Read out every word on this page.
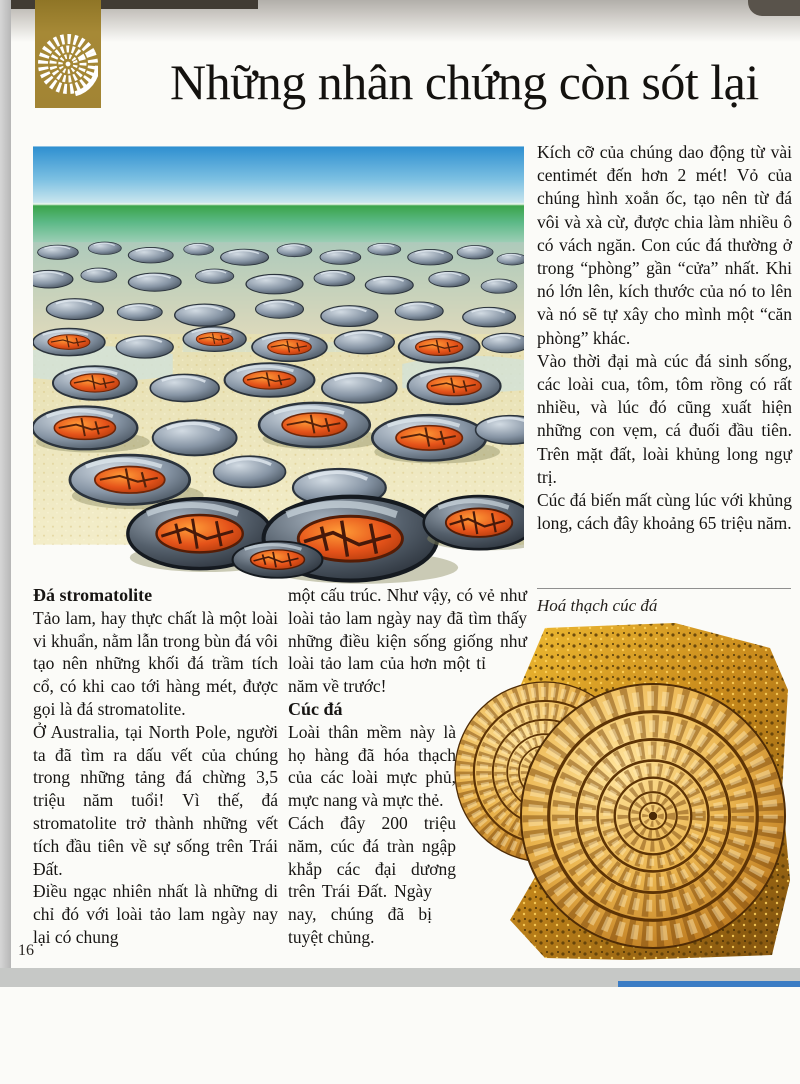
Những nhân chứng còn sót lại

Kích cỡ của chúng dao động từ vài centimét đến hơn 2 mét! Vỏ của chúng hình xoắn ốc, tạo nên từ đá vôi và xà cừ, được chia làm nhiều ô có vách ngăn. Con cúc đá thường ở trong “phòng” gần “cửa” nhất. Khi nó lớn lên, kích thước của nó to lên và nó sẽ tự xây cho mình một “căn phòng” khác.

Vào thời đại mà cúc đá sinh sống, các loài cua, tôm, tôm rồng có rất nhiều, và lúc đó cũng xuất hiện những con vẹm, cá đuối đầu tiên. Trên mặt đất, loài khủng long ngự trị.

Cúc đá biến mất cùng lúc với khủng long, cách đây khoảng 65 triệu năm.

Hoá thạch cúc đá
Đá stromatolite

Tảo lam, hay thực chất là một loài vi khuẩn, nằm lẫn trong bùn đá vôi tạo nên những khối đá trầm tích cổ, có khi cao tới hàng mét, được gọi là đá stromatolite.

Ở Australia, tại North Pole, người ta đã tìm ra dấu vết của chúng trong những tảng đá chừng 3,5 triệu năm tuổi! Vì thế, đá stromatolite trở thành những vết tích đầu tiên về sự sống trên Trái Đất.

Điều ngạc nhiên nhất là những di chỉ đó với loài tảo lam ngày nay lại có chung

một cấu trúc. Như vậy, có vẻ như loài tảo lam ngày nay đã tìm thấy những điều kiện sống giống như loài tảo lam của hơn một tỉ năm về trước!

Cúc đá

Loài thân mềm này là họ hàng đã hóa thạch của các loài mực phủ, mực nang và mực thẻ.

Cách đây 200 triệu năm, cúc đá tràn ngập khắp các đại dương trên Trái Đất. Ngày nay, chúng đã bị tuyệt chủng.

16
